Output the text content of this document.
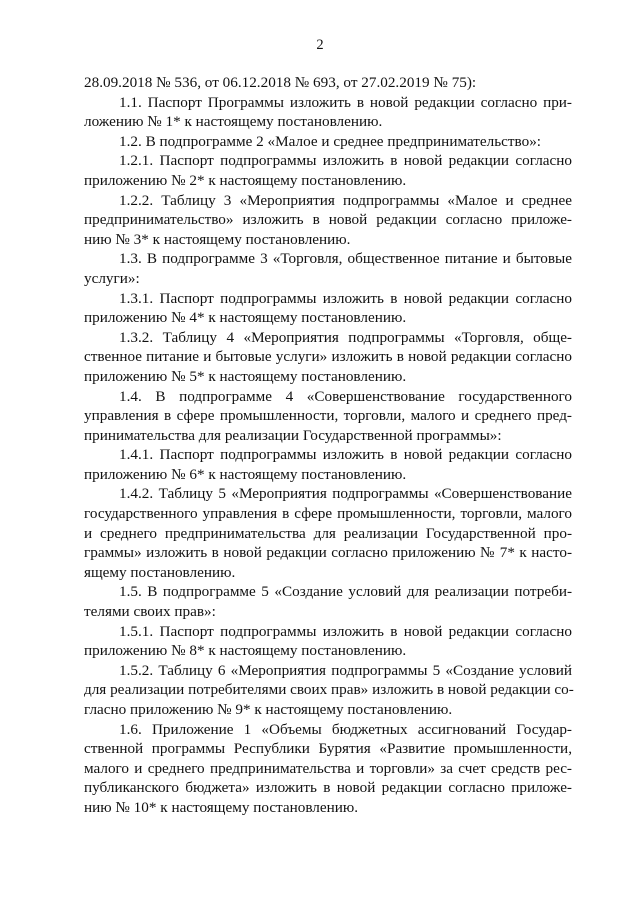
2
28.09.2018 № 536, от 06.12.2018 № 693, от 27.02.2019 № 75):
1.1. Паспорт Программы изложить в новой редакции согласно при-
ложению № 1* к настоящему постановлению.
1.2. В подпрограмме 2 «Малое и среднее предпринимательство»:
1.2.1. Паспорт подпрограммы изложить в новой редакции согласно
приложению № 2* к настоящему постановлению.
1.2.2. Таблицу 3 «Мероприятия подпрограммы «Малое и среднее
предпринимательство» изложить в новой редакции согласно приложе-
нию № 3* к настоящему постановлению.
1.3. В подпрограмме 3 «Торговля, общественное питание и бытовые
услуги»:
1.3.1. Паспорт подпрограммы изложить в новой редакции согласно
приложению № 4* к настоящему постановлению.
1.3.2. Таблицу 4 «Мероприятия подпрограммы «Торговля, обще-
ственное питание и бытовые услуги» изложить в новой редакции согласно
приложению № 5* к настоящему постановлению.
1.4. В подпрограмме 4 «Совершенствование государственного
управления в сфере промышленности, торговли, малого и среднего пред-
принимательства для реализации Государственной программы»:
1.4.1. Паспорт подпрограммы изложить в новой редакции согласно
приложению № 6* к настоящему постановлению.
1.4.2. Таблицу 5 «Мероприятия подпрограммы «Совершенствование
государственного управления в сфере промышленности, торговли, малого
и среднего предпринимательства для реализации Государственной про-
граммы» изложить в новой редакции согласно приложению № 7* к насто-
ящему постановлению.
1.5. В подпрограмме 5 «Создание условий для реализации потреби-
телями своих прав»:
1.5.1. Паспорт подпрограммы изложить в новой редакции согласно
приложению № 8* к настоящему постановлению.
1.5.2. Таблицу 6 «Мероприятия подпрограммы 5 «Создание условий
для реализации потребителями своих прав» изложить в новой редакции со-
гласно приложению № 9* к настоящему постановлению.
1.6. Приложение 1 «Объемы бюджетных ассигнований Государ-
ственной программы Республики Бурятия «Развитие промышленности,
малого и среднего предпринимательства и торговли» за счет средств рес-
публиканского бюджета» изложить в новой редакции согласно приложе-
нию № 10* к настоящему постановлению.
